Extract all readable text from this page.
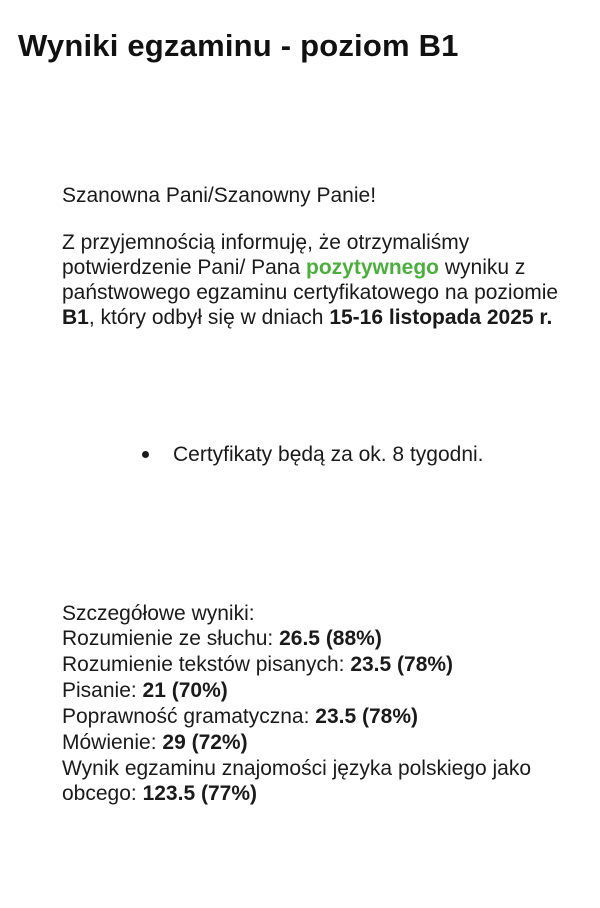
Wyniki egzaminu - poziom B1

Szanowna Pani/Szanowny Panie!

Z przyjemnością informuję, że otrzymaliśmy potwierdzenie Pani/ Pana pozytywnego wyniku z państwowego egzaminu certyfikatowego na poziomie B1, który odbył się w dniach 15-16 listopada 2025 r.

Certyfikaty będą za ok. 8 tygodni.

Szczegółowe wyniki:

Rozumienie ze słuchu: 26.5 (88%)

Rozumienie tekstów pisanych: 23.5 (78%)

Pisanie: 21 (70%)

Poprawność gramatyczna: 23.5 (78%)

Mówienie: 29 (72%)

Wynik egzaminu znajomości języka polskiego jako obcego: 123.5 (77%)
